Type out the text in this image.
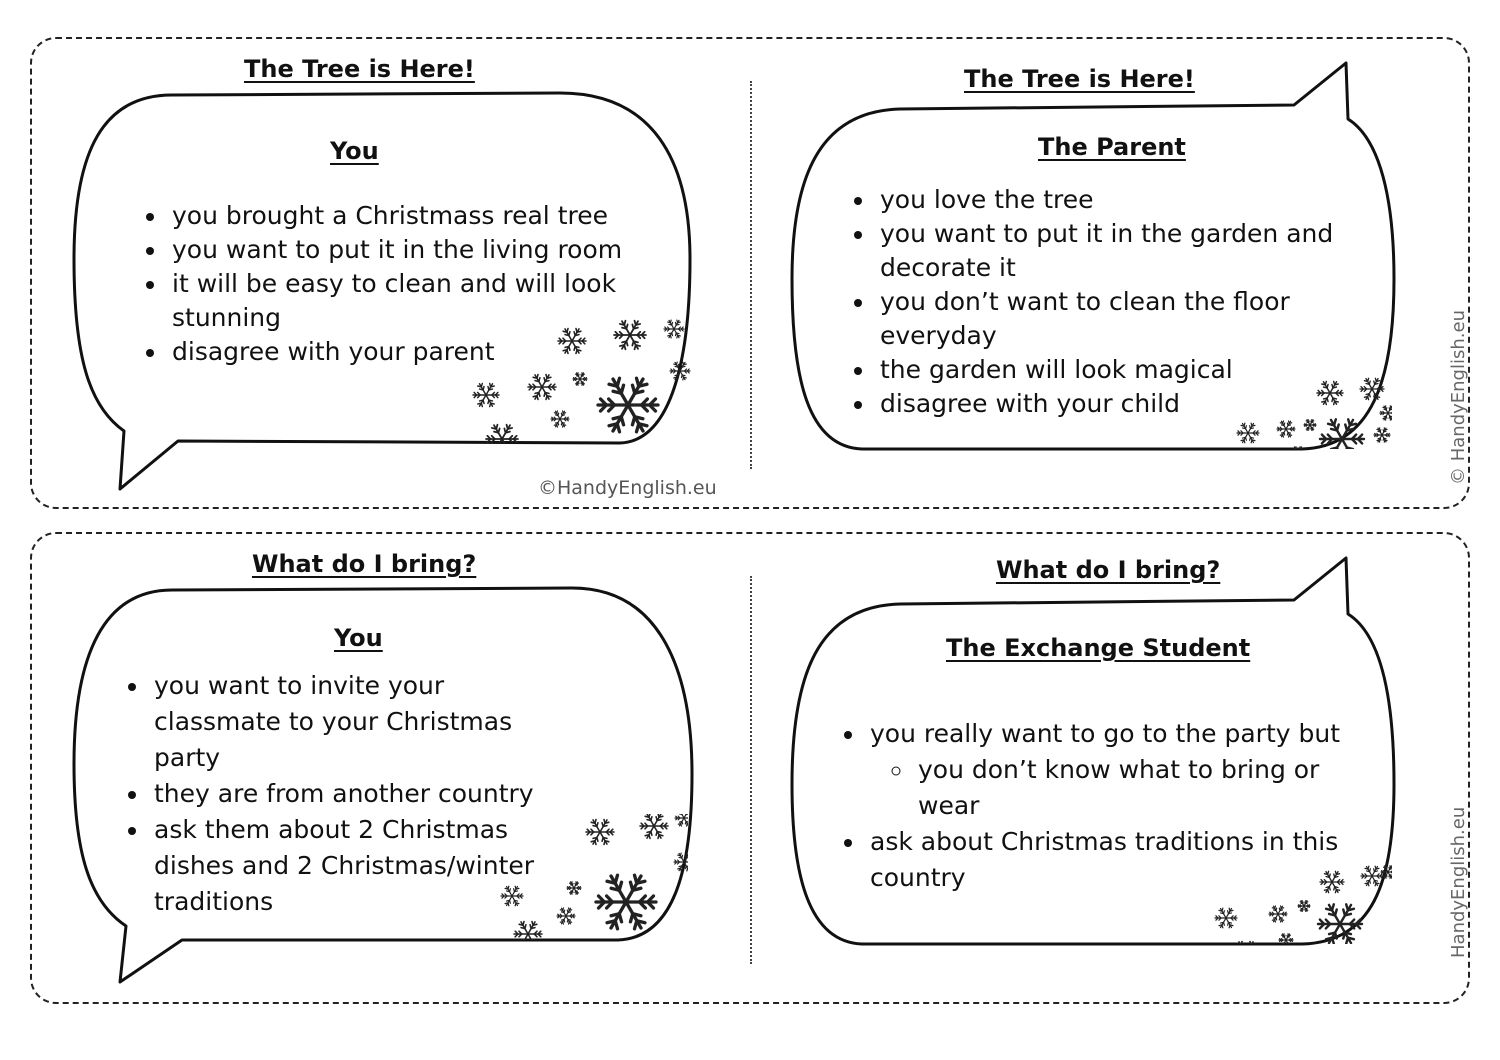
The Tree is Here!
You
• you brought a Christmass real tree
• you want to put it in the living room
• it will be easy to clean and will look stunning
• disagree with your parent
The Tree is Here!
The Parent
• you love the tree
• you want to put it in the garden and decorate it
• you don’t want to clean the floor everyday
• the garden will look magical
• disagree with your child
©HandyEnglish.eu
© HandyEnglish.eu
What do I bring?
You
• you want to invite your classmate to your Christmas party
• they are from another country
• ask them about 2 Christmas dishes and 2 Christmas/winter traditions
What do I bring?
The Exchange Student
• you really want to go to the party but
◦ you don’t know what to bring or wear
• ask about Christmas traditions in this country	HandyEnglish.eu
